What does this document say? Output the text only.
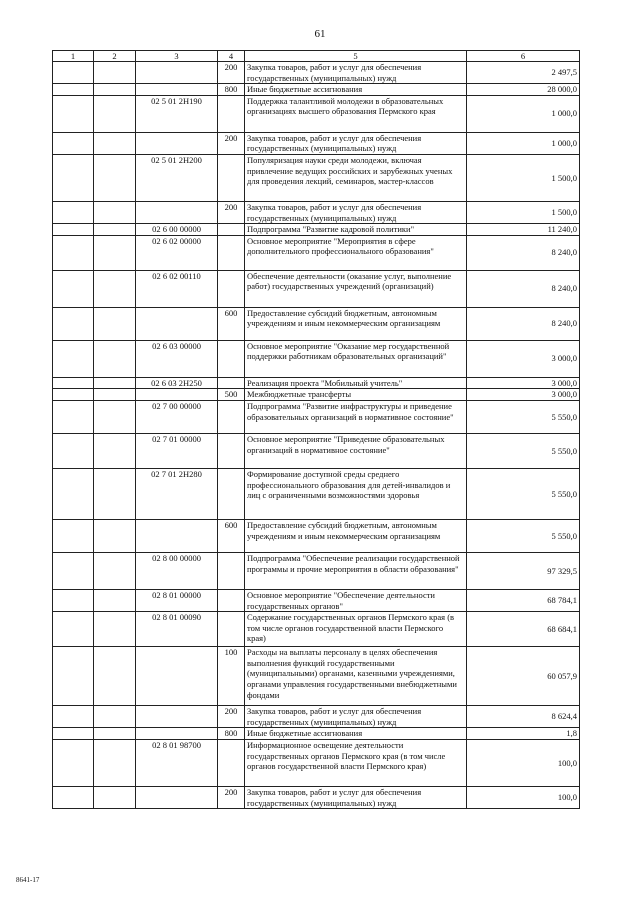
61
1	2	3	4	5	6
			200	Закупка товаров, работ и услуг для обеспечения государственных (муниципальных) нужд	2 497,5
			800	Иные бюджетные ассигнования	28 000,0
		02 5 01 2Н190		Поддержка талантливой молодежи в образовательных организациях высшего образования Пермского края	1 000,0
			200	Закупка товаров, работ и услуг для обеспечения государственных (муниципальных) нужд	1 000,0
		02 5 01 2Н200		Популяризация науки среди молодежи, включая привлечение ведущих российских и зарубежных ученых для проведения лекций, семинаров, мастер-классов	1 500,0
			200	Закупка товаров, работ и услуг для обеспечения государственных (муниципальных) нужд	1 500,0
		02 6 00 00000		Подпрограмма "Развитие кадровой политики"	11 240,0
		02 6 02 00000		Основное мероприятие "Мероприятия в сфере дополнительного профессионального образования"	8 240,0
		02 6 02 00110		Обеспечение деятельности (оказание услуг, выполнение работ) государственных учреждений (организаций)	8 240,0
			600	Предоставление субсидий бюджетным, автономным учреждениям и иным некоммерческим организациям	8 240,0
		02 6 03 00000		Основное мероприятие "Оказание мер государственной поддержки работникам образовательных организаций"	3 000,0
		02 6 03 2Н250		Реализация проекта "Мобильный учитель"	3 000,0
			500	Межбюджетные трансферты	3 000,0
		02 7 00 00000		Подпрограмма "Развитие инфраструктуры и приведение образовательных организаций в нормативное состояние"	5 550,0
		02 7 01 00000		Основное мероприятие "Приведение образовательных организаций в нормативное состояние"	5 550,0
		02 7 01 2Н280		Формирование доступной среды среднего профессионального образования для детей-инвалидов и лиц с ограниченными возможностями здоровья	5 550,0
			600	Предоставление субсидий бюджетным, автономным учреждениям и иным некоммерческим организациям	5 550,0
		02 8 00 00000		Подпрограмма "Обеспечение реализации государственной программы и прочие мероприятия в области образования"	97 329,5
		02 8 01 00000		Основное мероприятие "Обеспечение деятельности государственных органов"	68 784,1
		02 8 01 00090		Содержание государственных органов Пермского края (в том числе органов государственной власти Пермского края)	68 684,1
			100	Расходы на выплаты персоналу в целях обеспечения выполнения функций государственными (муниципальными) органами, казенными учреждениями, органами управления государственными внебюджетными фондами	60 057,9
			200	Закупка товаров, работ и услуг для обеспечения государственных (муниципальных) нужд	8 624,4
			800	Иные бюджетные ассигнования	1,8
		02 8 01 98700		Информационное освещение деятельности государственных органов Пермского края (в том числе органов государственной власти Пермского края)	100,0
			200	Закупка товаров, работ и услуг для обеспечения государственных (муниципальных) нужд	100,0
8641-17
